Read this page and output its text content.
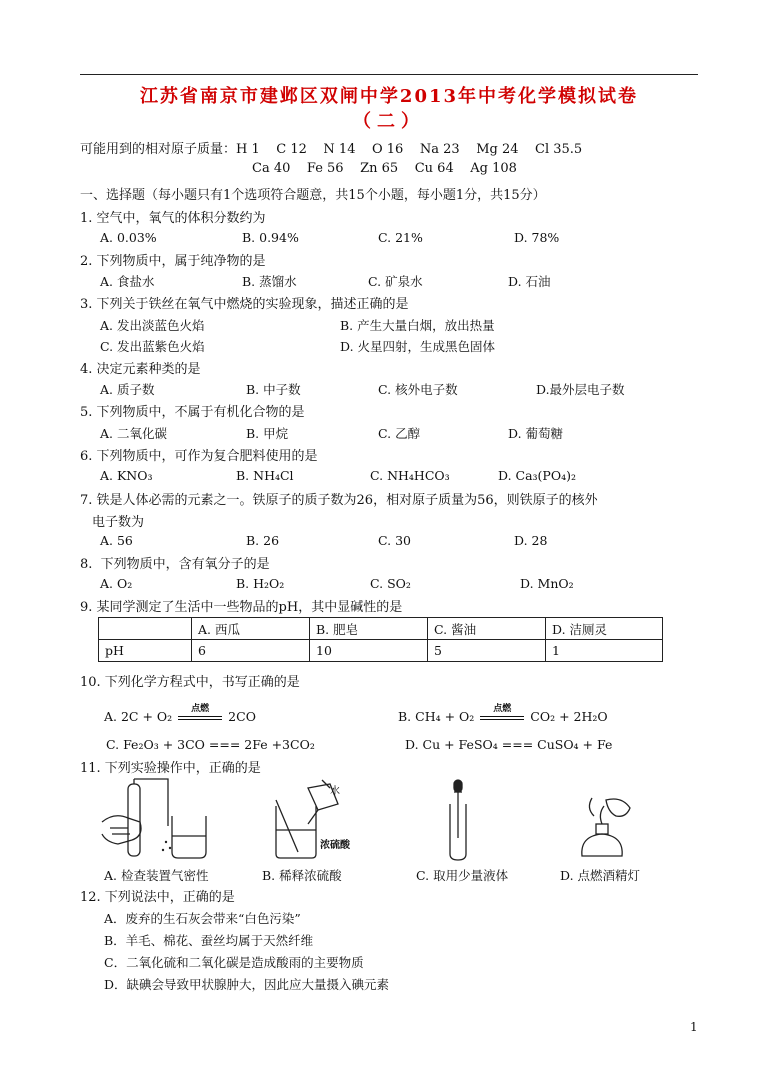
江苏省南京市建邺区双闸中学2013年中考化学模拟试卷
（二）
可能用到的相对原子质量：H 1    C 12    N 14    O 16    Na 23    Mg 24    Cl 35.5
Ca 40    Fe 56    Zn 65    Cu 64    Ag 108
一、选择题（每小题只有1个选项符合题意，共15个小题，每小题1分，共15分）
1. 空气中，氧气的体积分数约为
A. 0.03%	B. 0.94%	C. 21%	D. 78%
2. 下列物质中，属于纯净物的是
A. 食盐水	B. 蒸馏水	C. 矿泉水	D. 石油
3. 下列关于铁丝在氧气中燃烧的实验现象，描述正确的是
A. 发出淡蓝色火焰	B. 产生大量白烟，放出热量
C. 发出蓝紫色火焰	D. 火星四射，生成黑色固体
4. 决定元素种类的是
A. 质子数	B. 中子数	C. 核外电子数	D.最外层电子数
5. 下列物质中，不属于有机化合物的是
A. 二氧化碳	B. 甲烷	C. 乙醇	D. 葡萄糖
6. 下列物质中，可作为复合肥料使用的是
A. KNO₃	B. NH₄Cl	C. NH₄HCO₃	D. Ca₃(PO₄)₂
7. 铁是人体必需的元素之一。铁原子的质子数为26，相对原子质量为56，则铁原子的核外
电子数为
A. 56	B. 26	C. 30	D. 28
8.  下列物质中，含有氧分子的是
A. O₂	B. H₂O₂	C. SO₂	D. MnO₂
9. 某同学测定了生活中一些物品的pH，其中显碱性的是
	A. 西瓜	B. 肥皂	C. 酱油	D. 洁厕灵
pH	6	10	5	1
10. 下列化学方程式中，书写正确的是
A. 2C + O₂
点燃
2CO	B. CH₄ + O₂
点燃
CO₂ + 2H₂O
C. Fe₂O₃ + 3CO === 2Fe +3CO₂	D. Cu + FeSO₄ === CuSO₄ + Fe
11. 下列实验操作中，正确的是
水
浓硫酸
A. 检查装置气密性	B. 稀释浓硫酸	C. 取用少量液体	D. 点燃酒精灯
12. 下列说法中，正确的是
A．废弃的生石灰会带来“白色污染”
B．羊毛、棉花、蚕丝均属于天然纤维
C．二氧化硫和二氧化碳是造成酸雨的主要物质
D．缺碘会导致甲状腺肿大，因此应大量摄入碘元素
1
